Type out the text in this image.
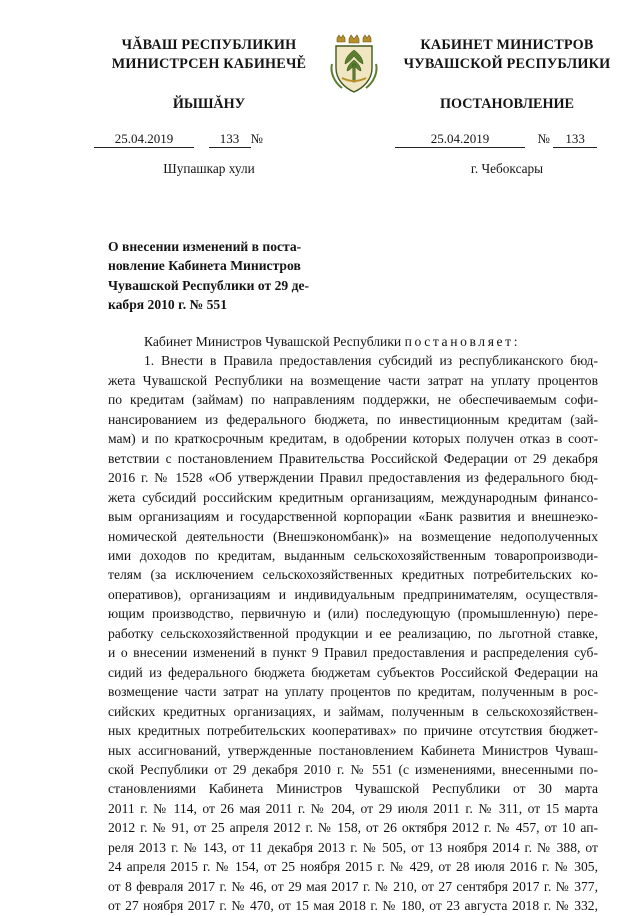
ЧĂВАШ РЕСПУБЛИКИН
МИНИСТРСЕН КАБИНЕЧĚ
ЙЫШĂНУ
КАБИНЕТ МИНИСТРОВ
ЧУВАШСКОЙ РЕСПУБЛИКИ
ПОСТАНОВЛЕНИЕ
25.04.2019	133 №	25.04.2019	№ 133
Шупашкар хули	г. Чебоксары
О внесении изменений в поста-
новление Кабинета Министров
Чувашской Республики от 29 де-
кабря 2010 г. № 551

Кабинет Министров Чувашской Республики постановляет:

1. Внести в Правила предоставления субсидий из республиканского бюд-

жета Чувашской Республики на возмещение части затрат на уплату процентов

по кредитам (займам) по направлениям поддержки, не обеспечиваемым софи-

нансированием из федерального бюджета, по инвестиционным кредитам (зай-

мам) и по краткосрочным кредитам, в одобрении которых получен отказ в соот-

ветствии с постановлением Правительства Российской Федерации от 29 декабря

2016 г. № 1528 «Об утверждении Правил предоставления из федерального бюд-

жета субсидий российским кредитным организациям, международным финансо-

вым организациям и государственной корпорации «Банк развития и внешнеэко-

номической деятельности (Внешэкономбанк)» на возмещение недополученных

ими доходов по кредитам, выданным сельскохозяйственным товаропроизводи-

телям (за исключением сельскохозяйственных кредитных потребительских ко-

оперативов), организациям и индивидуальным предпринимателям, осуществля-

ющим производство, первичную и (или) последующую (промышленную) пере-

работку сельскохозяйственной продукции и ее реализацию, по льготной ставке,

и о внесении изменений в пункт 9 Правил предоставления и распределения суб-

сидий из федерального бюджета бюджетам субъектов Российской Федерации на

возмещение части затрат на уплату процентов по кредитам, полученным в рос-

сийских кредитных организациях, и займам, полученным в сельскохозяйствен-

ных кредитных потребительских кооперативах» по причине отсутствия бюджет-

ных ассигнований, утвержденные постановлением Кабинета Министров Чуваш-

ской Республики от 29 декабря 2010 г. № 551 (с изменениями, внесенными по-

становлениями Кабинета Министров Чувашской Республики от 30 марта

2011 г. № 114, от 26 мая 2011 г. № 204, от 29 июля 2011 г. № 311, от 15 марта

2012 г. № 91, от 25 апреля 2012 г. № 158, от 26 октября 2012 г. № 457, от 10 ап-

реля 2013 г. № 143, от 11 декабря 2013 г. № 505, от 13 ноября 2014 г. № 388, от

24 апреля 2015 г. № 154, от 25 ноября 2015 г. № 429, от 28 июля 2016 г. № 305,

от 8 февраля 2017 г. № 46, от 29 мая 2017 г. № 210, от 27 сентября 2017 г. № 377,

от 27 ноября 2017 г. № 470, от 15 мая 2018 г. № 180, от 23 августа 2018 г. № 332,
